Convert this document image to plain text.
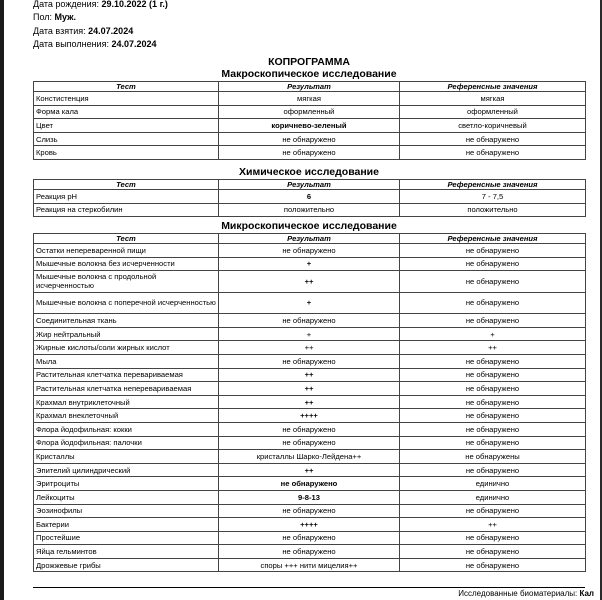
Дата рождения: 29.10.2022 (1 г.)
Пол: Муж.
Дата взятия: 24.07.2024
Дата выполнения: 24.07.2024
КОПРОГРАММА
Макроскопическое исследование
Тест	Результат	Референсные значения
Констистенция	мягкая	мягкая
Форма кала	оформленный	оформленный
Цвет	коричнево-зеленый	светло-коричневый
Слизь	не обнаружено	не обнаружено
Кровь	не обнаружено	не обнаружено
Химическое исследование
Тест	Результат	Референсные значения
Реакция pH	6	7 - 7,5
Реакция на стеркобилин	положительно	положительно
Микроскопическое исследование
Тест	Результат	Референсные значения
Остатки непереваренной пищи	не обнаружено	не обнаружено
Мышечные волокна без исчерченности	+	не обнаружено
Мышечные волокна с продольной исчерченностью	++	не обнаружено
Мышечные волокна с поперечной исчерченностью	+	не обнаружено
Соединительная ткань	не обнаружено	не обнаружено
Жир нейтральный	+	+
Жирные кислоты/соли жирных кислот	++	++
Мыла	не обнаружено	не обнаружено
Растительная клетчатка перевариваемая	++	не обнаружено
Растительная клетчатка неперевариваемая	++	не обнаружено
Крахмал внутриклеточный	++	не обнаружено
Крахмал внеклеточный	++++	не обнаружено
Флора йодофильная: кокки	не обнаружено	не обнаружено
Флора йодофильная: палочки	не обнаружено	не обнаружено
Кристаллы	кристаллы Шарко-Лейдена++	не обнаружены
Эпителий цилиндрический	++	не обнаружено
Эритроциты	не обнаружено	единично
Лейкоциты	9-8-13	единично
Эозинофилы	не обнаружено	не обнаружено
Бактерии	++++	++
Простейшие	не обнаружено	не обнаружено
Яйца гельминтов	не обнаружено	не обнаружено
Дрожжевые грибы	споры +++ нити мицелия++	не обнаружено
Исследованные биоматериалы: Кал
